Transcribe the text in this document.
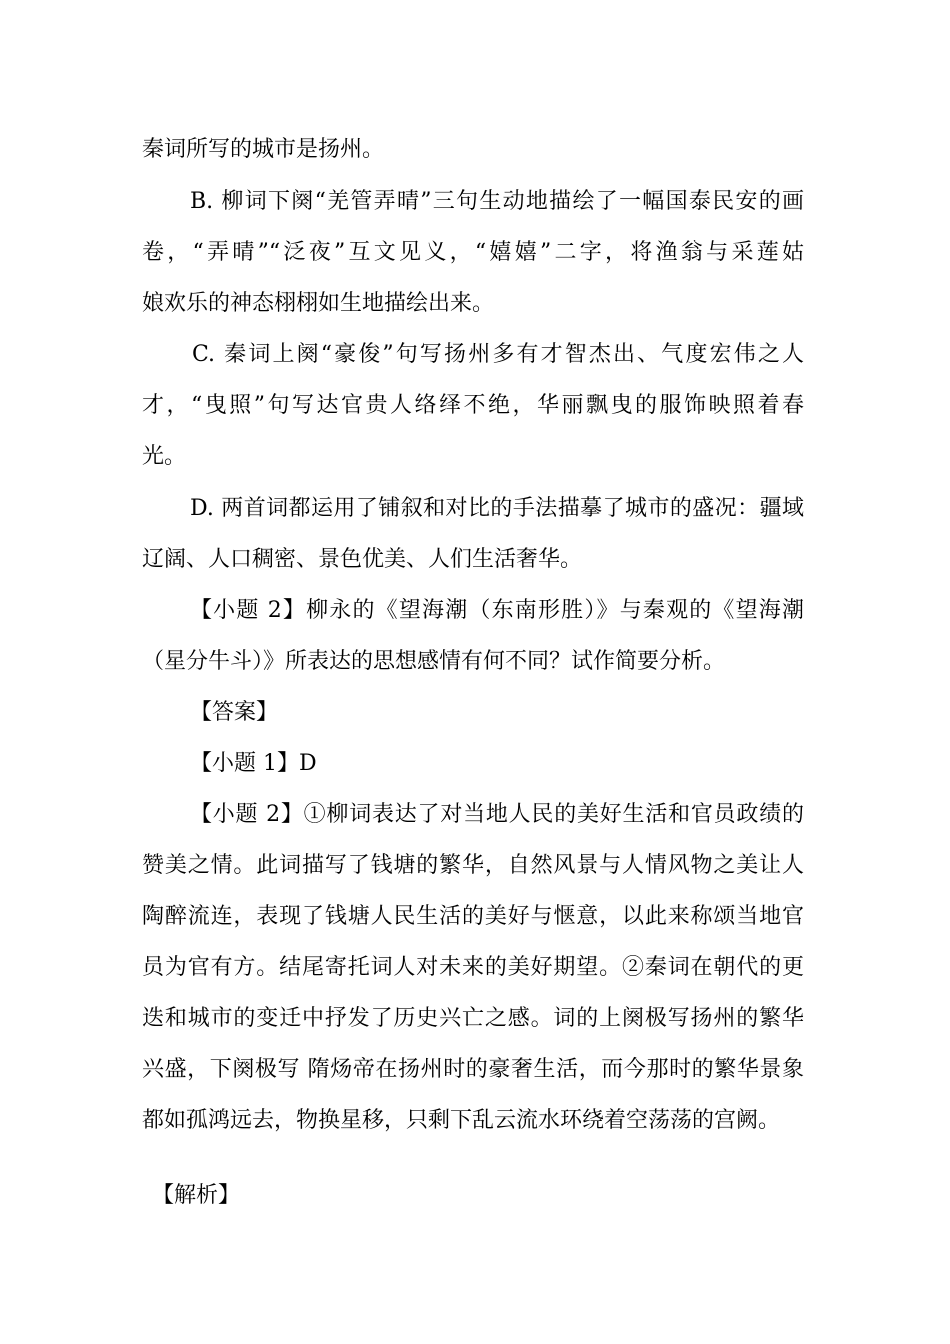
秦词所写的城市是扬州。

B. 柳词下阕“羌管弄晴”三句生动地描绘了一幅国泰民安的画

卷，“弄晴”“泛夜”互文见义，“嬉嬉”二字，将渔翁与采莲姑

娘欢乐的神态栩栩如生地描绘出来。

C. 秦词上阕“豪俊”句写扬州多有才智杰出、气度宏伟之人

才，“曳照”句写达官贵人络绎不绝，华丽飘曳的服饰映照着春

光。

D. 两首词都运用了铺叙和对比的手法描摹了城市的盛况：疆域

辽阔、人口稠密、景色优美、人们生活奢华。

【小题 2】柳永的《望海潮（东南形胜）》与秦观的《望海潮

（星分牛斗）》所表达的思想感情有何不同？试作简要分析。

【答案】

【小题 1】D

【小题 2】①柳词表达了对当地人民的美好生活和官员政绩的

赞美之情。此词描写了钱塘的繁华，自然风景与人情风物之美让人

陶醉流连，表现了钱塘人民生活的美好与惬意，以此来称颂当地官

员为官有方。结尾寄托词人对未来的美好期望。②秦词在朝代的更

迭和城市的变迁中抒发了历史兴亡之感。词的上阕极写扬州的繁华

兴盛，下阕极写 隋炀帝在扬州时的豪奢生活，而今那时的繁华景象

都如孤鸿远去，物换星移，只剩下乱云流水环绕着空荡荡的宫阙。

【解析】
